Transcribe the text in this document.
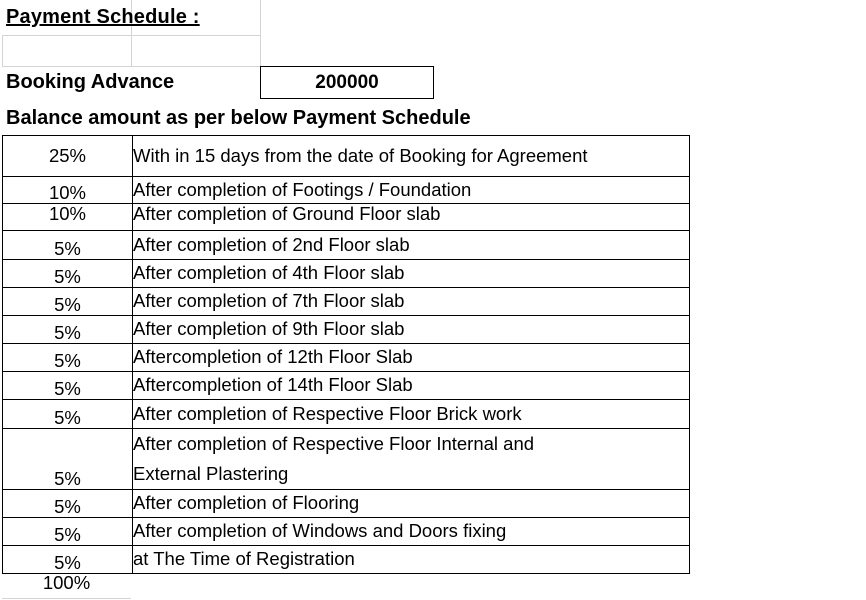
Payment Schedule :
Booking Advance	200000
Balance amount as per below Payment Schedule
25%	With in 15 days from the date of Booking for Agreement
10%	After completion of Footings / Foundation
10%	After completion of Ground Floor slab
5%	After completion of 2nd Floor slab
5%	After completion of 4th Floor slab
5%	After completion of 7th Floor slab
5%	After completion of 9th Floor slab
5%	Aftercompletion of 12th Floor Slab
5%	Aftercompletion of 14th Floor Slab
5%	After completion of Respective Floor Brick work
5%	After completion of Respective Floor Internal and
External Plastering
5%	After completion of Flooring
5%	After completion of Windows and Doors fixing
5%	at The Time of Registration
100%
